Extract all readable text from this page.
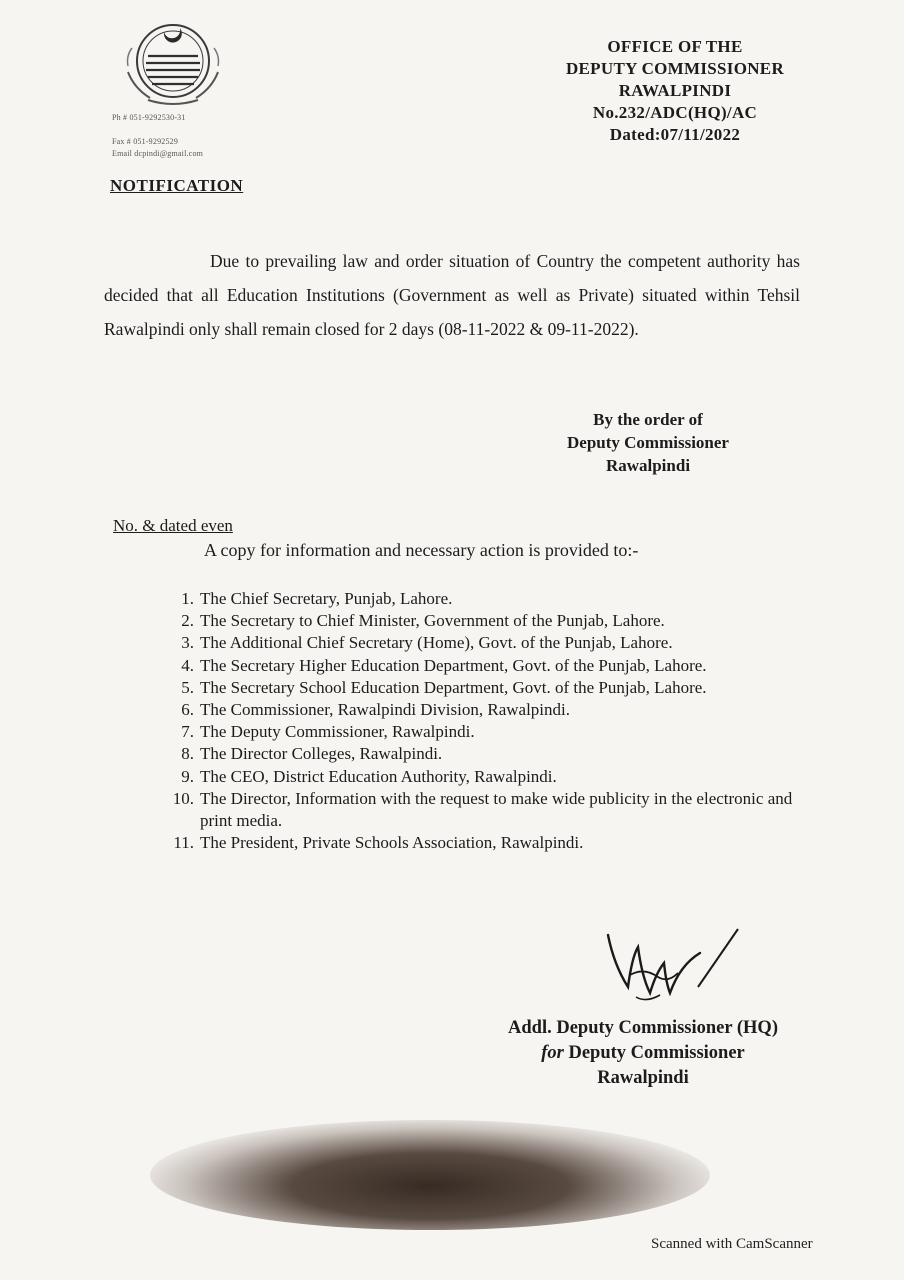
Ph # 051-9292530-31
Fax # 051-9292529
Email dcpindi@gmail.com
OFFICE OF THE
DEPUTY COMMISSIONER
RAWALPINDI
No.232/ADC(HQ)/AC
Dated:07/11/2022
NOTIFICATION
Due to prevailing law and order situation of Country the competent authority has decided that all Education Institutions (Government as well as Private) situated within Tehsil Rawalpindi only shall remain closed for 2 days (08-11-2022 & 09-11-2022).
By the order of
Deputy Commissioner
Rawalpindi
No. & dated even
A copy for information and necessary action is provided to:-
1. The Chief Secretary, Punjab, Lahore.
2. The Secretary to Chief Minister, Government of the Punjab, Lahore.
3. The Additional Chief Secretary (Home), Govt. of the Punjab, Lahore.
4. The Secretary Higher Education Department, Govt. of the Punjab, Lahore.
5. The Secretary School Education Department, Govt. of the Punjab, Lahore.
6. The Commissioner, Rawalpindi Division, Rawalpindi.
7. The Deputy Commissioner, Rawalpindi.
8. The Director Colleges, Rawalpindi.
9. The CEO, District Education Authority, Rawalpindi.
10. The Director, Information with the request to make wide publicity in the electronic and print media.
11. The President, Private Schools Association, Rawalpindi.
Addl. Deputy Commissioner (HQ)
for Deputy Commissioner
Rawalpindi
Scanned with CamScanner
